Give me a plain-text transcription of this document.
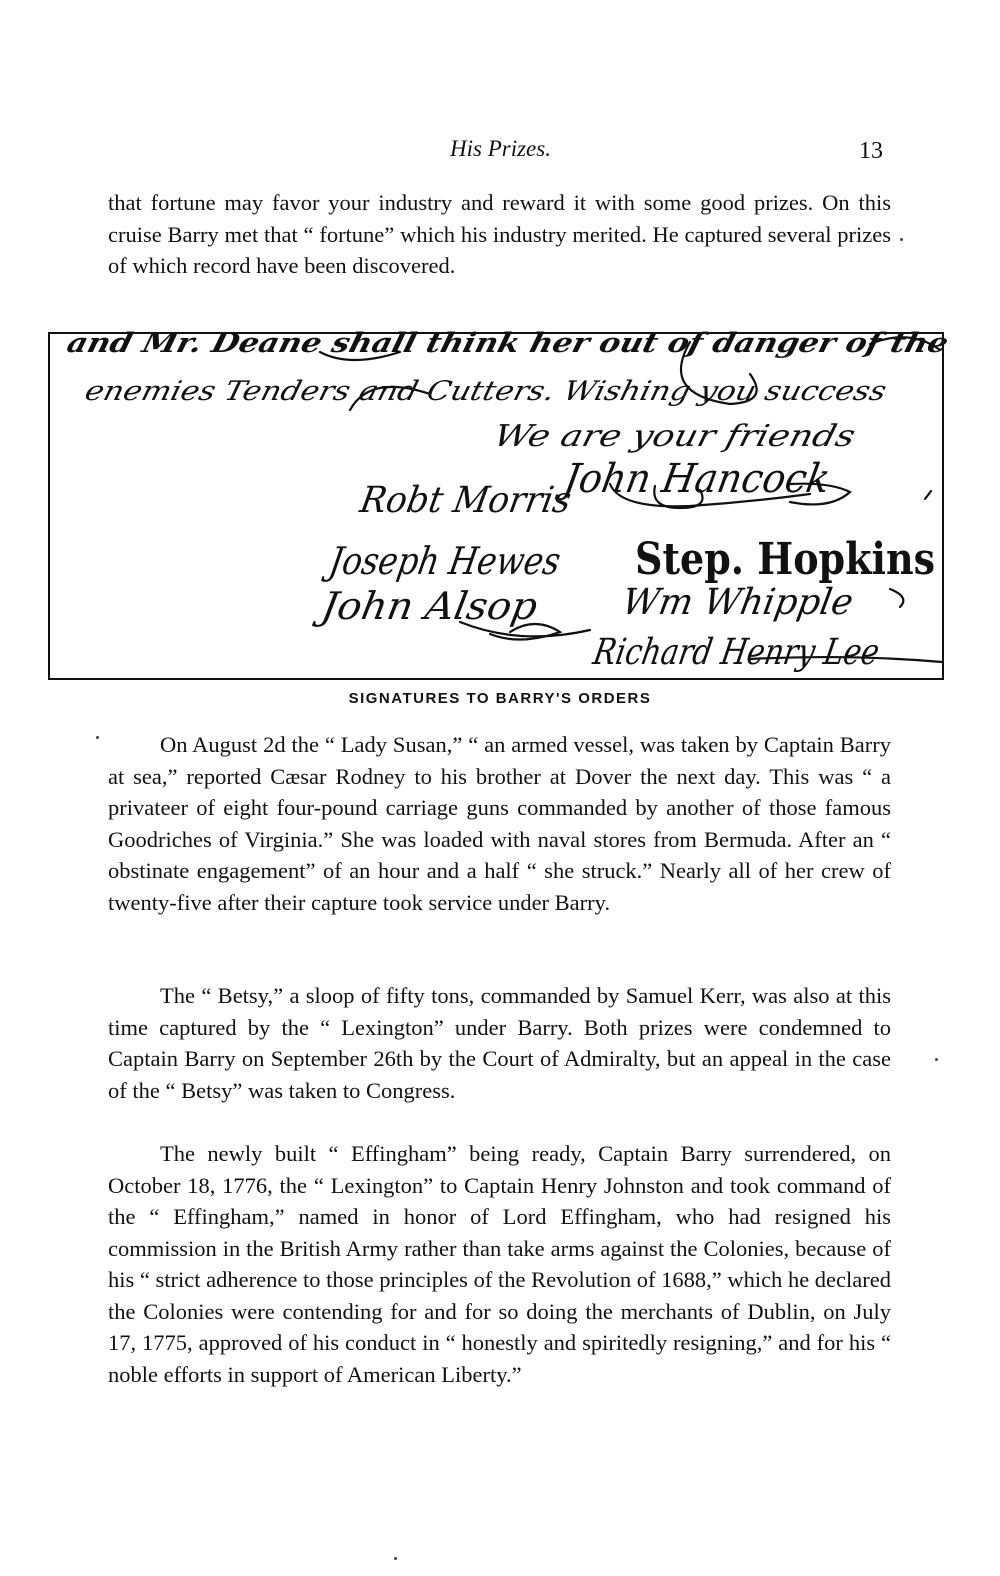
His Prizes.	13

that fortune may favor your industry and reward it with some good prizes. On this cruise Barry met that “ fortune” which his industry merited. He captured several prizes of which record have been discovered.

and Mr. Deane shall think her out of danger of the
enemies Tenders and Cutters. Wishing you success
We are your friends
John Hancock
Robt Morris
Joseph Hewes Step. Hopkins
John Alsop Wm Whipple
Richard Henry Lee
SIGNATURES TO BARRY'S ORDERS

On August 2d the “ Lady Susan,” “ an armed vessel, was taken by Captain Barry at sea,” reported Cæsar Rodney to his brother at Dover the next day. This was “ a privateer of eight four-pound carriage guns commanded by another of those famous Goodriches of Virginia.” She was loaded with naval stores from Bermuda. After an “ obstinate engagement” of an hour and a half “ she struck.” Nearly all of her crew of twenty-five after their capture took service under Barry.

The “ Betsy,” a sloop of fifty tons, commanded by Samuel Kerr, was also at this time captured by the “ Lexington” under Barry. Both prizes were condemned to Captain Barry on September 26th by the Court of Admiralty, but an appeal in the case of the “ Betsy” was taken to Congress.

The newly built “ Effingham” being ready, Captain Barry surrendered, on October 18, 1776, the “ Lexington” to Captain Henry Johnston and took command of the “ Effingham,” named in honor of Lord Effingham, who had resigned his commission in the British Army rather than take arms against the Colonies, because of his “ strict adherence to those principles of the Revolution of 1688,” which he declared the Colonies were contending for and for so doing the merchants of Dublin, on July 17, 1775, approved of his conduct in “ honestly and spiritedly resigning,” and for his “ noble efforts in support of American Liberty.”
